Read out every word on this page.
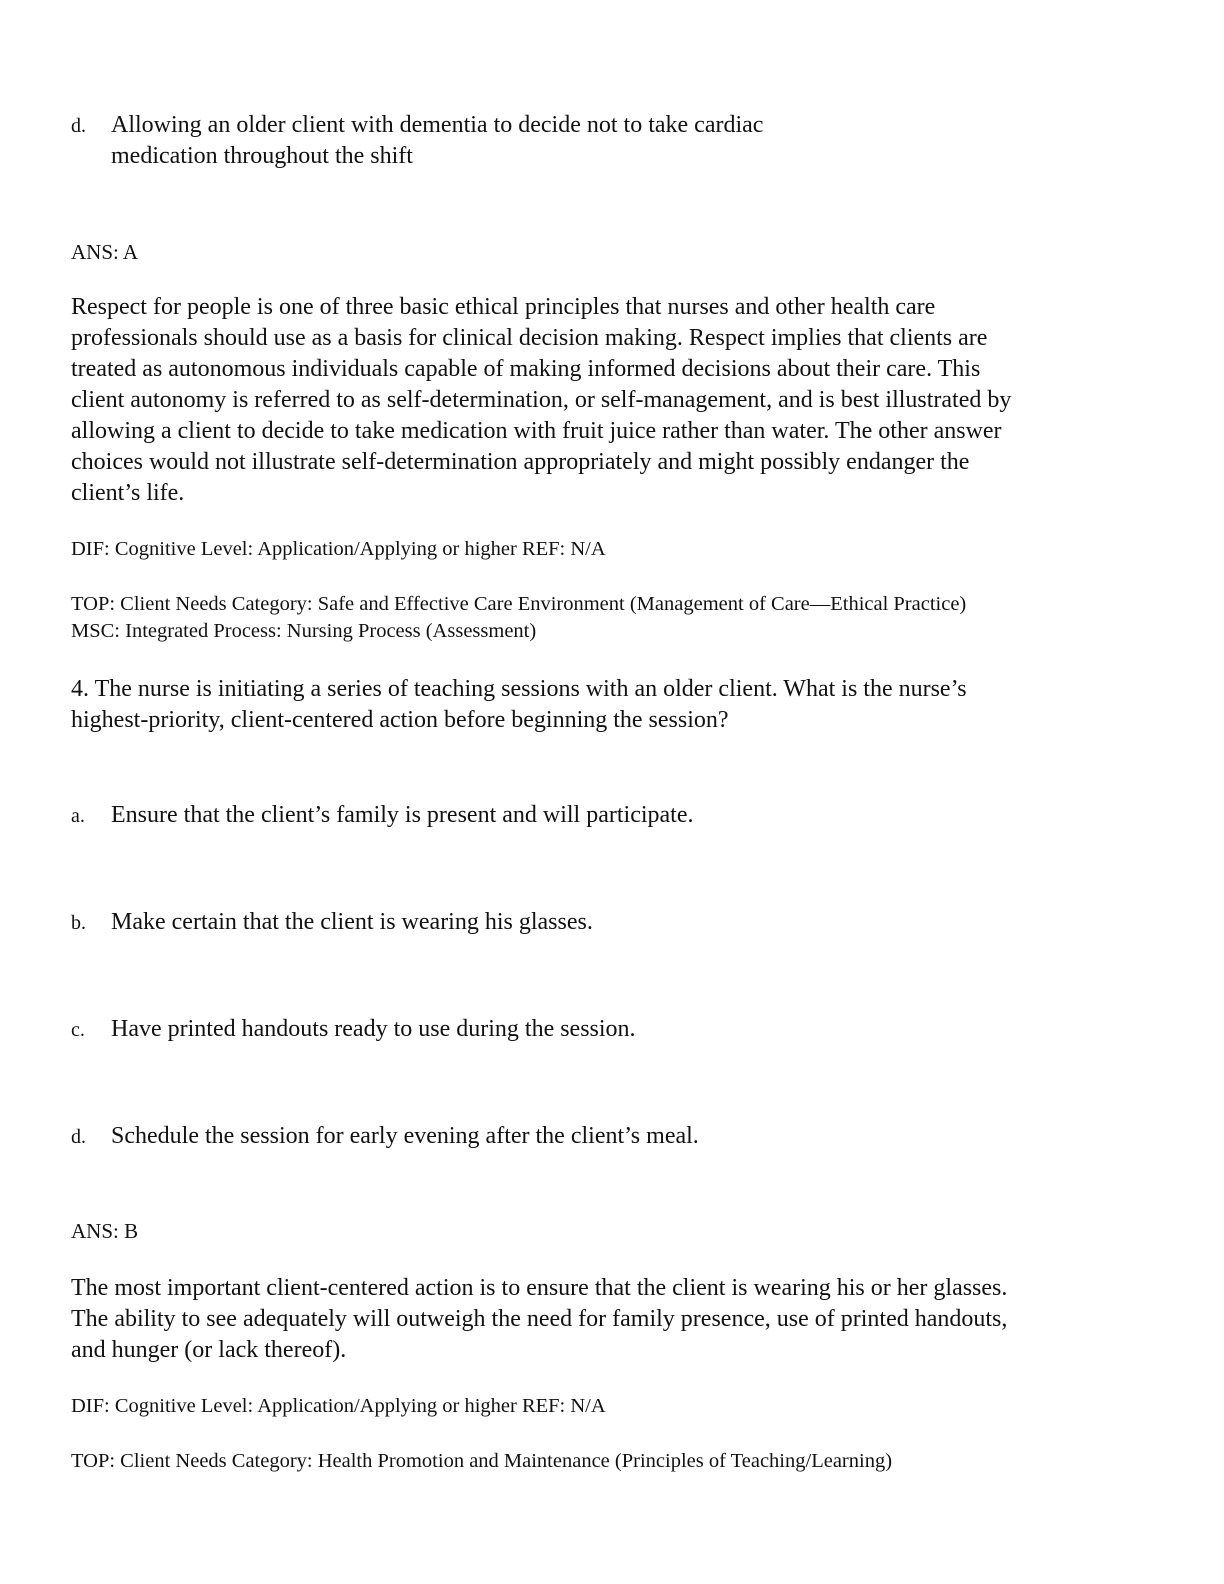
d. Allowing an older client with dementia to decide not to take cardiac
medication throughout the shift
ANS: A
Respect for people is one of three basic ethical principles that nurses and other health care
professionals should use as a basis for clinical decision making. Respect implies that clients are
treated as autonomous individuals capable of making informed decisions about their care. This
client autonomy is referred to as self-determination, or self-management, and is best illustrated by
allowing a client to decide to take medication with fruit juice rather than water. The other answer
choices would not illustrate self-determination appropriately and might possibly endanger the
client’s life.
DIF: Cognitive Level: Application/Applying or higher REF: N/A
TOP: Client Needs Category: Safe and Effective Care Environment (Management of Care—Ethical Practice)
MSC: Integrated Process: Nursing Process (Assessment)
4. The nurse is initiating a series of teaching sessions with an older client. What is the nurse’s
highest-priority, client-centered action before beginning the session?
a. Ensure that the client’s family is present and will participate.
b. Make certain that the client is wearing his glasses.
c. Have printed handouts ready to use during the session.
d. Schedule the session for early evening after the client’s meal.
ANS: B
The most important client-centered action is to ensure that the client is wearing his or her glasses.
The ability to see adequately will outweigh the need for family presence, use of printed handouts,
and hunger (or lack thereof).
DIF: Cognitive Level: Application/Applying or higher REF: N/A
TOP: Client Needs Category: Health Promotion and Maintenance (Principles of Teaching/Learning)
